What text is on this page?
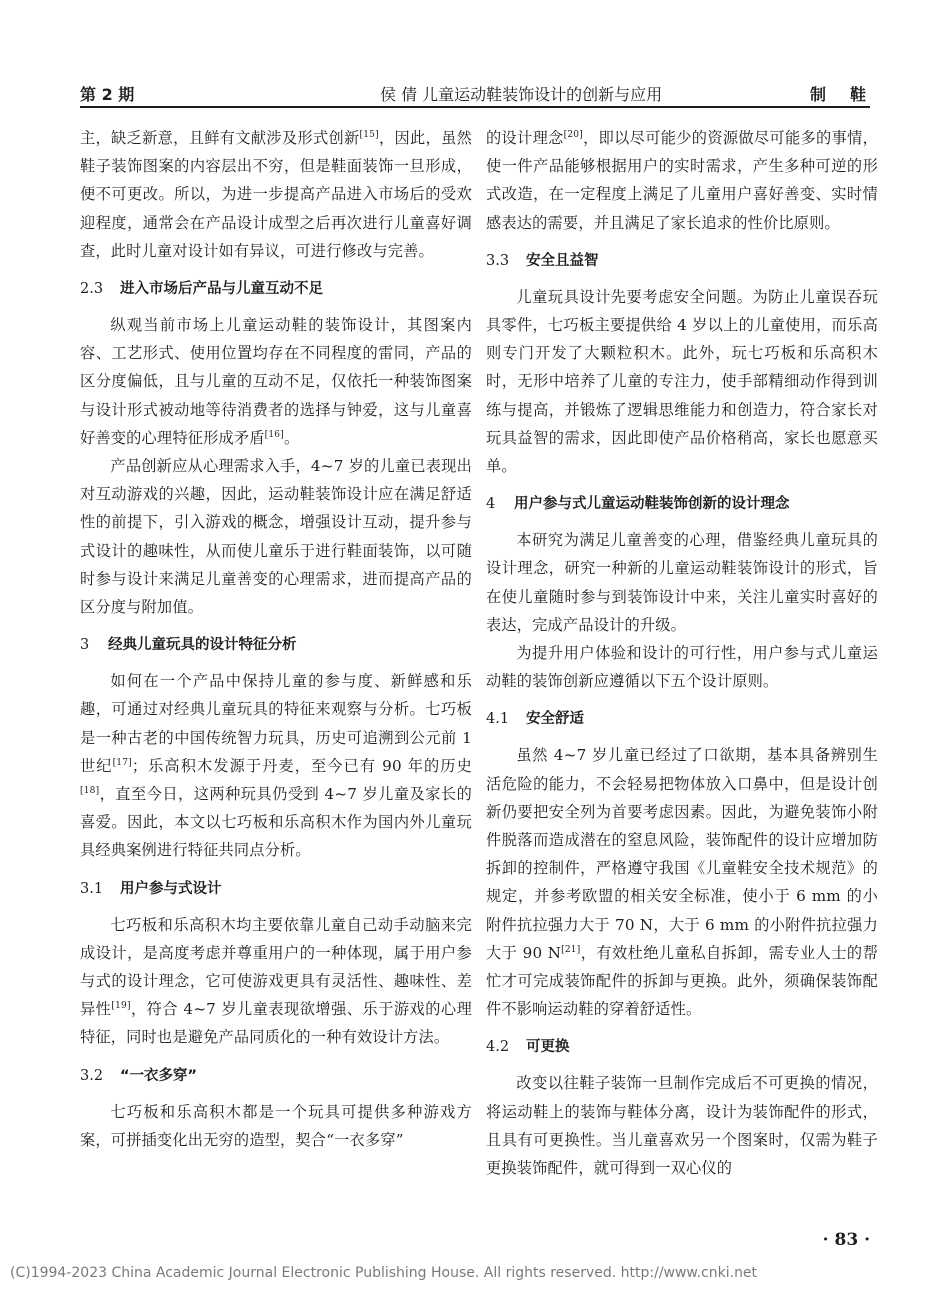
第 2 期	侯 倩 儿童运动鞋装饰设计的创新与应用	制鞋

主，缺乏新意，且鲜有文献涉及形式创新[15]，因此，虽然鞋子装饰图案的内容层出不穷，但是鞋面装饰一旦形成，便不可更改。所以，为进一步提高产品进入市场后的受欢迎程度，通常会在产品设计成型之后再次进行儿童喜好调查，此时儿童对设计如有异议，可进行修改与完善。

2.3 进入市场后产品与儿童互动不足

纵观当前市场上儿童运动鞋的装饰设计，其图案内容、工艺形式、使用位置均存在不同程度的雷同，产品的区分度偏低，且与儿童的互动不足，仅依托一种装饰图案与设计形式被动地等待消费者的选择与钟爱，这与儿童喜好善变的心理特征形成矛盾[16]。

产品创新应从心理需求入手，4~7 岁的儿童已表现出对互动游戏的兴趣，因此，运动鞋装饰设计应在满足舒适性的前提下，引入游戏的概念，增强设计互动，提升参与式设计的趣味性，从而使儿童乐于进行鞋面装饰，以可随时参与设计来满足儿童善变的心理需求，进而提高产品的区分度与附加值。

3 经典儿童玩具的设计特征分析

如何在一个产品中保持儿童的参与度、新鲜感和乐趣，可通过对经典儿童玩具的特征来观察与分析。七巧板是一种古老的中国传统智力玩具，历史可追溯到公元前 1 世纪[17]；乐高积木发源于丹麦，至今已有 90 年的历史[18]，直至今日，这两种玩具仍受到 4~7 岁儿童及家长的喜爱。因此，本文以七巧板和乐高积木作为国内外儿童玩具经典案例进行特征共同点分析。

3.1 用户参与式设计

七巧板和乐高积木均主要依靠儿童自己动手动脑来完成设计，是高度考虑并尊重用户的一种体现，属于用户参与式的设计理念，它可使游戏更具有灵活性、趣味性、差异性[19]，符合 4~7 岁儿童表现欲增强、乐于游戏的心理特征，同时也是避免产品同质化的一种有效设计方法。

3.2 “一衣多穿”

七巧板和乐高积木都是一个玩具可提供多种游戏方案，可拼插变化出无穷的造型，契合“一衣多穿”

的设计理念[20]，即以尽可能少的资源做尽可能多的事情，使一件产品能够根据用户的实时需求，产生多种可逆的形式改造，在一定程度上满足了儿童用户喜好善变、实时情感表达的需要，并且满足了家长追求的性价比原则。

3.3 安全且益智

儿童玩具设计先要考虑安全问题。为防止儿童误吞玩具零件，七巧板主要提供给 4 岁以上的儿童使用，而乐高则专门开发了大颗粒积木。此外，玩七巧板和乐高积木时，无形中培养了儿童的专注力，使手部精细动作得到训练与提高，并锻炼了逻辑思维能力和创造力，符合家长对玩具益智的需求，因此即使产品价格稍高，家长也愿意买单。

4 用户参与式儿童运动鞋装饰创新的设计理念

本研究为满足儿童善变的心理，借鉴经典儿童玩具的设计理念，研究一种新的儿童运动鞋装饰设计的形式，旨在使儿童随时参与到装饰设计中来，关注儿童实时喜好的表达，完成产品设计的升级。

为提升用户体验和设计的可行性，用户参与式儿童运动鞋的装饰创新应遵循以下五个设计原则。

4.1 安全舒适

虽然 4~7 岁儿童已经过了口欲期，基本具备辨别生活危险的能力，不会轻易把物体放入口鼻中，但是设计创新仍要把安全列为首要考虑因素。因此，为避免装饰小附件脱落而造成潜在的窒息风险，装饰配件的设计应增加防拆卸的控制件，严格遵守我国《儿童鞋安全技术规范》的规定，并参考欧盟的相关安全标准，使小于 6 mm 的小附件抗拉强力大于 70 N，大于 6 mm 的小附件抗拉强力大于 90 N[21]，有效杜绝儿童私自拆卸，需专业人士的帮忙才可完成装饰配件的拆卸与更换。此外，须确保装饰配件不影响运动鞋的穿着舒适性。

4.2 可更换

改变以往鞋子装饰一旦制作完成后不可更换的情况，将运动鞋上的装饰与鞋体分离，设计为装饰配件的形式，且具有可更换性。当儿童喜欢另一个图案时，仅需为鞋子更换装饰配件，就可得到一双心仪的

· 83 ·
(C)1994-2023 China Academic Journal Electronic Publishing House. All rights reserved. http://www.cnki.net
